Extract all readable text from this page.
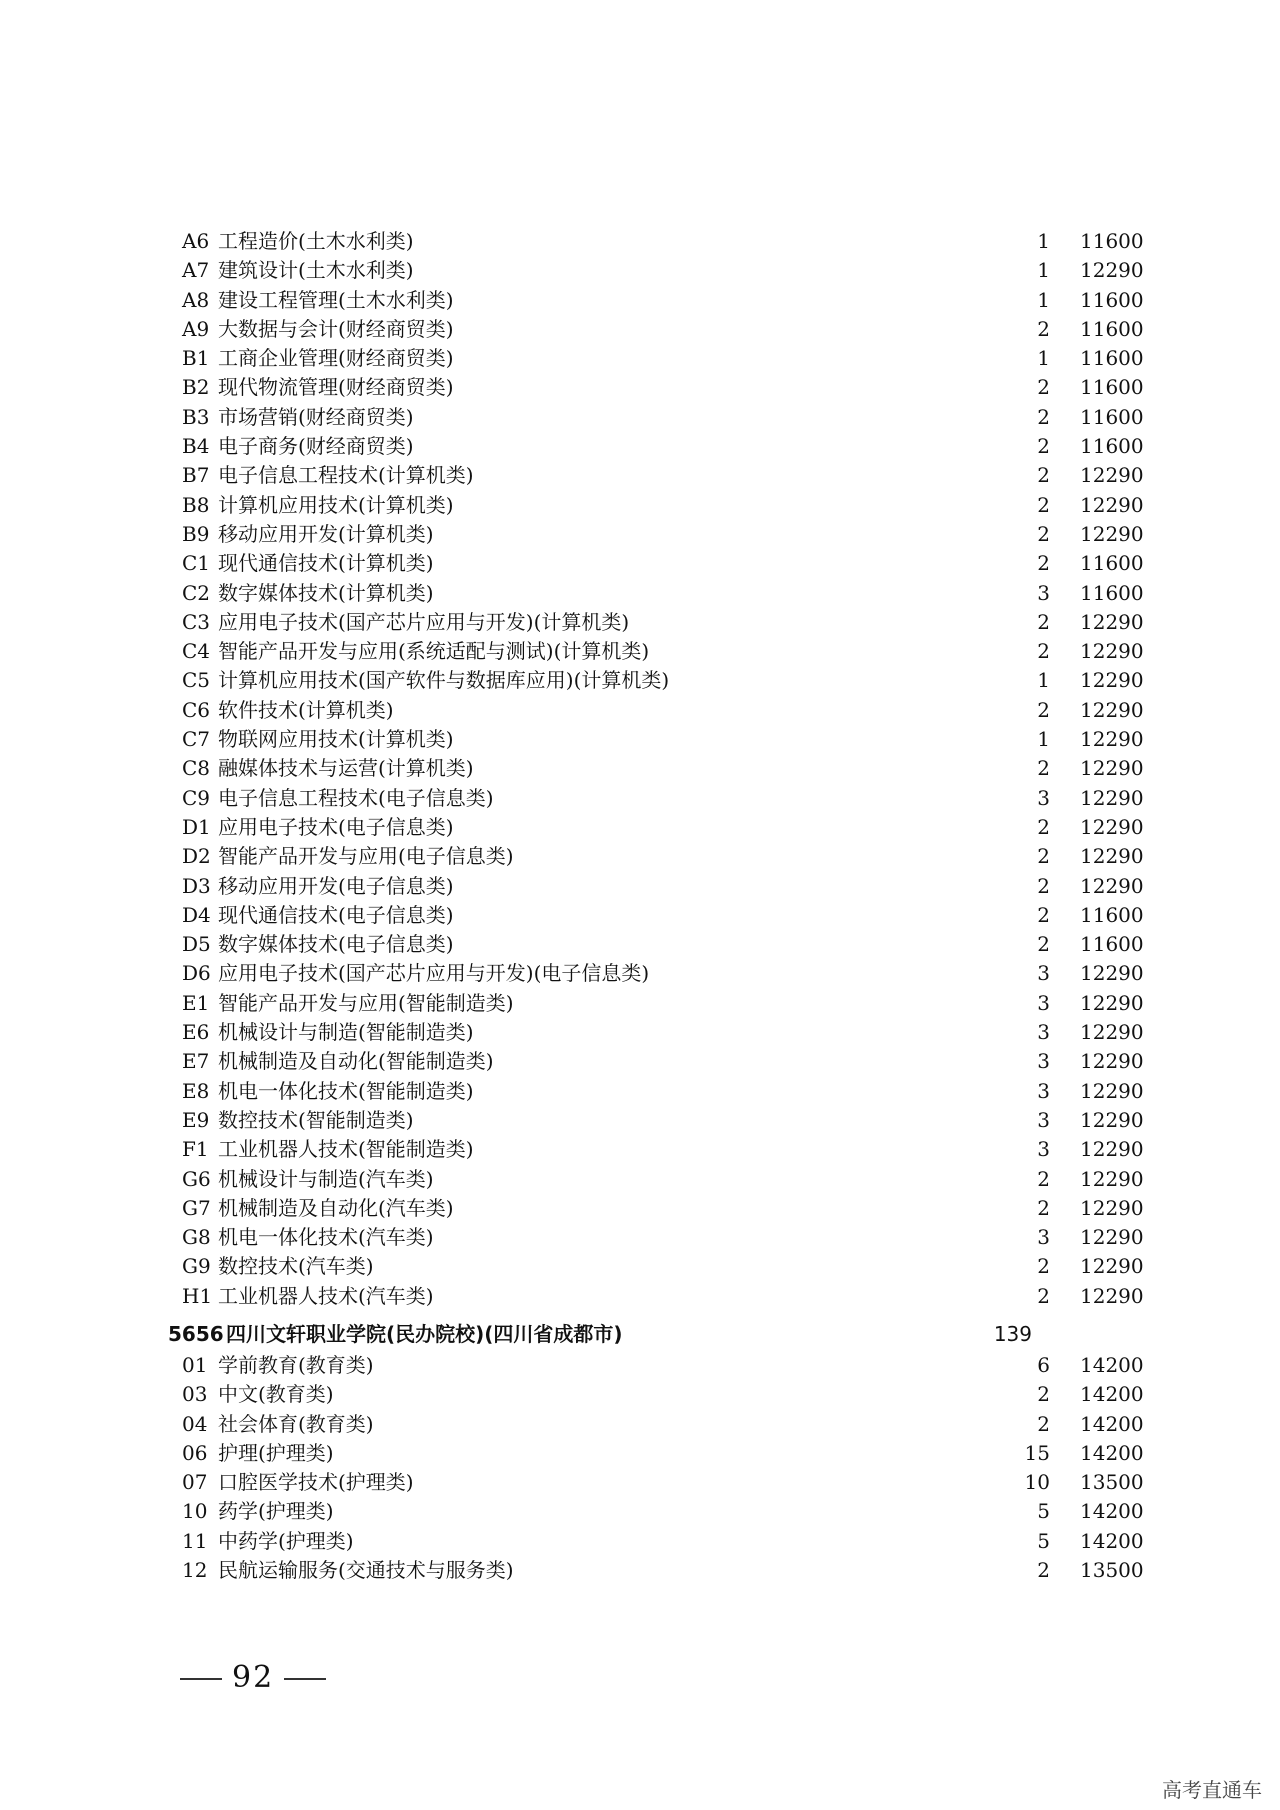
A6 工程造价(土木水利类)	1 11600
A7 建筑设计(土木水利类)	1 12290
A8 建设工程管理(土木水利类)	1 11600
A9 大数据与会计(财经商贸类)	2 11600
B1 工商企业管理(财经商贸类)	1 11600
B2 现代物流管理(财经商贸类)	2 11600
B3 市场营销(财经商贸类)	2 11600
B4 电子商务(财经商贸类)	2 11600
B7 电子信息工程技术(计算机类)	2 12290
B8 计算机应用技术(计算机类)	2 12290
B9 移动应用开发(计算机类)	2 12290
C1 现代通信技术(计算机类)	2 11600
C2 数字媒体技术(计算机类)	3 11600
C3 应用电子技术(国产芯片应用与开发)(计算机类)	2 12290
C4 智能产品开发与应用(系统适配与测试)(计算机类)	2 12290
C5 计算机应用技术(国产软件与数据库应用)(计算机类)	1 12290
C6 软件技术(计算机类)	2 12290
C7 物联网应用技术(计算机类)	1 12290
C8 融媒体技术与运营(计算机类)	2 12290
C9 电子信息工程技术(电子信息类)	3 12290
D1 应用电子技术(电子信息类)	2 12290
D2 智能产品开发与应用(电子信息类)	2 12290
D3 移动应用开发(电子信息类)	2 12290
D4 现代通信技术(电子信息类)	2 11600
D5 数字媒体技术(电子信息类)	2 11600
D6 应用电子技术(国产芯片应用与开发)(电子信息类)	3 12290
E1 智能产品开发与应用(智能制造类)	3 12290
E6 机械设计与制造(智能制造类)	3 12290
E7 机械制造及自动化(智能制造类)	3 12290
E8 机电一体化技术(智能制造类)	3 12290
E9 数控技术(智能制造类)	3 12290
F1 工业机器人技术(智能制造类)	3 12290
G6 机械设计与制造(汽车类)	2 12290
G7 机械制造及自动化(汽车类)	2 12290
G8 机电一体化技术(汽车类)	3 12290
G9 数控技术(汽车类)	2 12290
H1 工业机器人技术(汽车类)	2 12290
5656 四川文轩职业学院(民办院校)(四川省成都市)	139
01 学前教育(教育类)	6 14200
03 中文(教育类)	2 14200
04 社会体育(教育类)	2 14200
06 护理(护理类)	15 14200
07 口腔医学技术(护理类)	10 13500
10 药学(护理类)	5 14200
11 中药学(护理类)	5 14200
12 民航运输服务(交通技术与服务类)	2 13500
92
高考直通车
